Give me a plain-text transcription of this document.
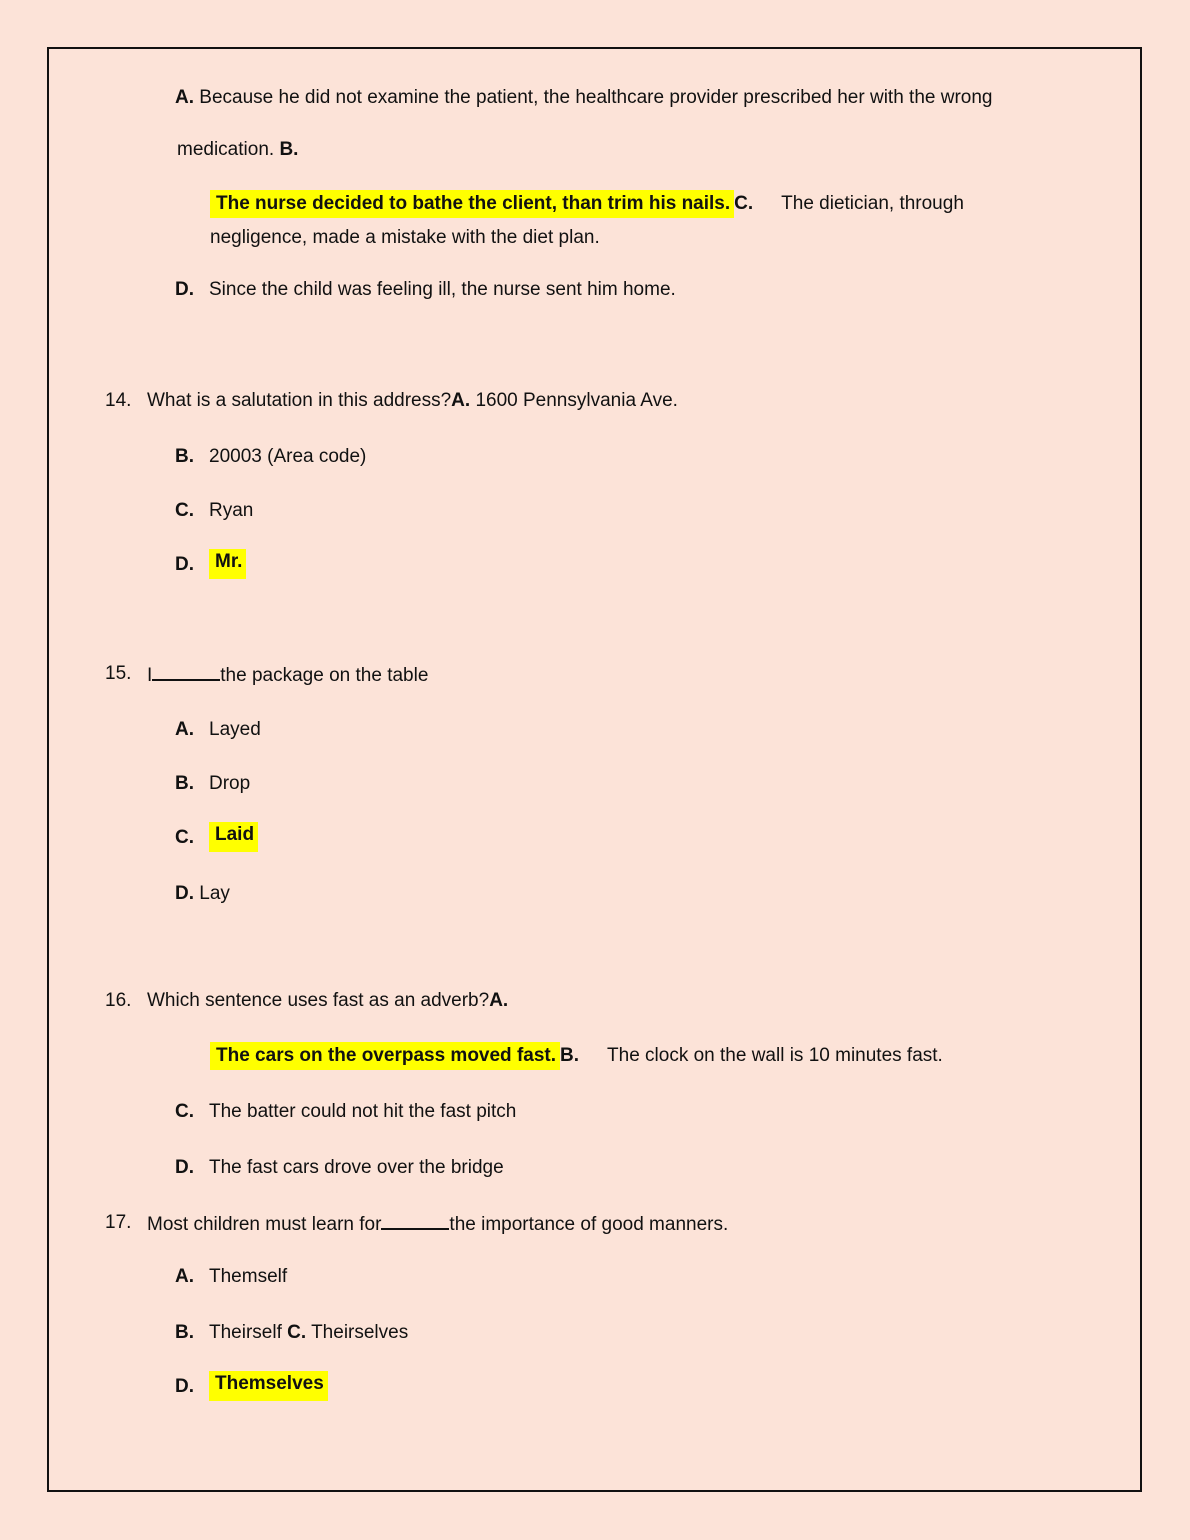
A. Because he did not examine the patient, the healthcare provider prescribed her with the wrong
medication. B.
The nurse decided to bathe the client, than trim his nails. C. The dietician, through
negligence, made a mistake with the diet plan.
D. Since the child was feeling ill, the nurse sent him home.
14. What is a salutation in this address?A. 1600 Pennsylvania Ave.
B. 20003 (Area code)
C. Ryan
D.	Mr.
15. I	the package on the table
A. Layed
B. Drop
C.	Laid
D. Lay
16. Which sentence uses fast as an adverb?A.
The cars on the overpass moved fast. B. The clock on the wall is 10 minutes fast.
C. The batter could not hit the fast pitch
D. The fast cars drove over the bridge
17. Most children must learn for	the importance of good manners.
A. Themself
B. Theirself C. Theirselves
D.	Themselves
